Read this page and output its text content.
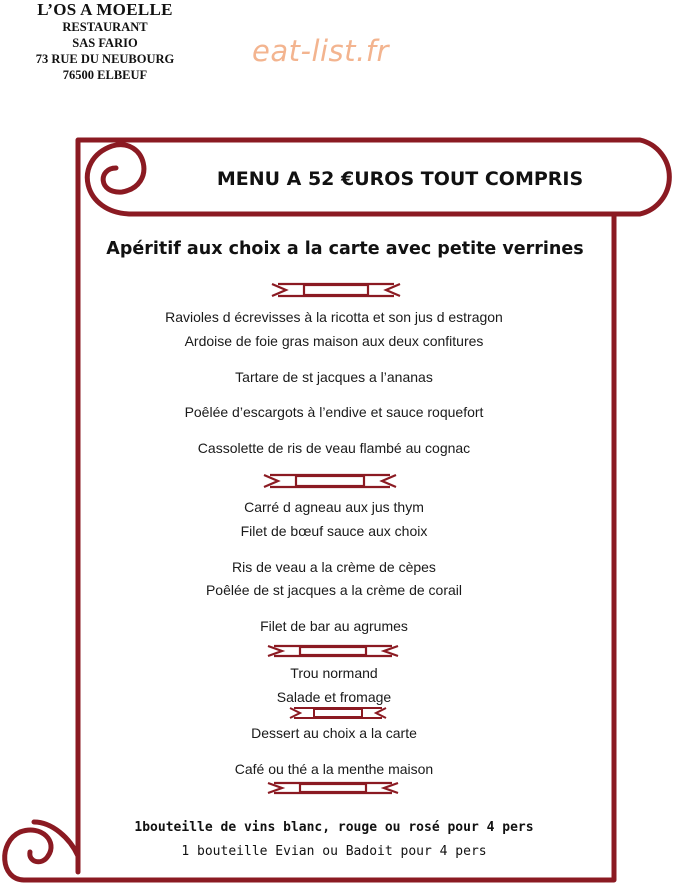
L’OS A MOELLE
RESTAURANT
SAS FARIO
73 RUE DU NEUBOURG
76500 ELBEUF
eat-list.fr
MENU A 52 €UROS TOUT COMPRIS
Apéritif aux choix a la carte avec petite verrines
Ravioles d écrevisses à la ricotta et son jus d estragon
Ardoise de foie gras maison aux deux confitures
Tartare de st jacques a l’ananas
Poêlée d’escargots à l’endive et sauce roquefort
Cassolette de ris de veau flambé au cognac
Carré d agneau aux jus thym
Filet de bœuf sauce aux choix
Ris de veau a la crème de cèpes
Poêlée de st jacques a la crème de corail
Filet de bar au agrumes
Trou normand
Salade et fromage
Dessert au choix a la carte
Café ou thé a la menthe maison
1bouteille de vins blanc, rouge ou rosé pour 4 pers
1 bouteille Evian ou Badoit pour 4 pers
